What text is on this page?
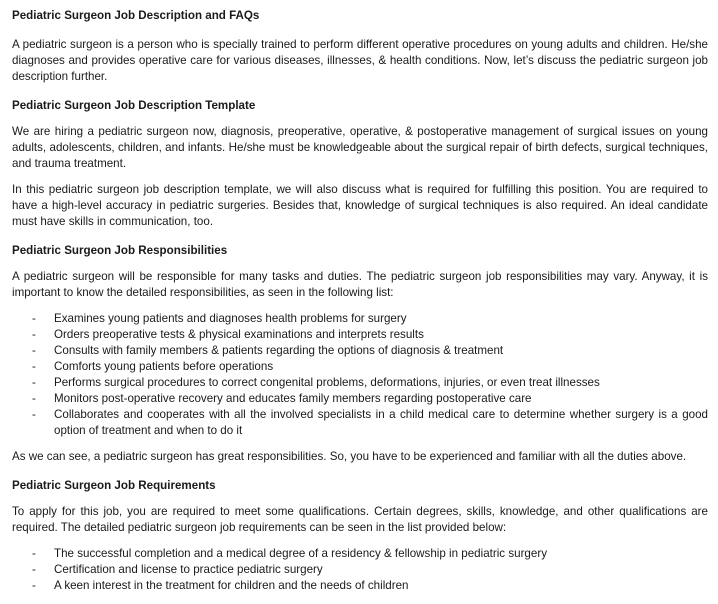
Pediatric Surgeon Job Description and FAQs

A pediatric surgeon is a person who is specially trained to perform different operative procedures on young adults and children. He/she diagnoses and provides operative care for various diseases, illnesses, & health conditions. Now, let’s discuss the pediatric surgeon job description further.

Pediatric Surgeon Job Description Template

We are hiring a pediatric surgeon now, diagnosis, preoperative, operative, & postoperative management of surgical issues on young adults, adolescents, children, and infants. He/she must be knowledgeable about the surgical repair of birth defects, surgical techniques, and trauma treatment.

In this pediatric surgeon job description template, we will also discuss what is required for fulfilling this position. You are required to have a high-level accuracy in pediatric surgeries. Besides that, knowledge of surgical techniques is also required. An ideal candidate must have skills in communication, too.

Pediatric Surgeon Job Responsibilities

A pediatric surgeon will be responsible for many tasks and duties. The pediatric surgeon job responsibilities may vary. Anyway, it is important to know the detailed responsibilities, as seen in the following list:

- Examines young patients and diagnoses health problems for surgery
- Orders preoperative tests & physical examinations and interprets results
- Consults with family members & patients regarding the options of diagnosis & treatment
- Comforts young patients before operations
- Performs surgical procedures to correct congenital problems, deformations, injuries, or even treat illnesses
- Monitors post-operative recovery and educates family members regarding postoperative care
- Collaborates and cooperates with all the involved specialists in a child medical care to determine whether surgery is a good option of treatment and when to do it

As we can see, a pediatric surgeon has great responsibilities. So, you have to be experienced and familiar with all the duties above.

Pediatric Surgeon Job Requirements

To apply for this job, you are required to meet some qualifications. Certain degrees, skills, knowledge, and other qualifications are required. The detailed pediatric surgeon job requirements can be seen in the list provided below:

- The successful completion and a medical degree of a residency & fellowship in pediatric surgery
- Certification and license to practice pediatric surgery
- A keen interest in the treatment for children and the needs of children
